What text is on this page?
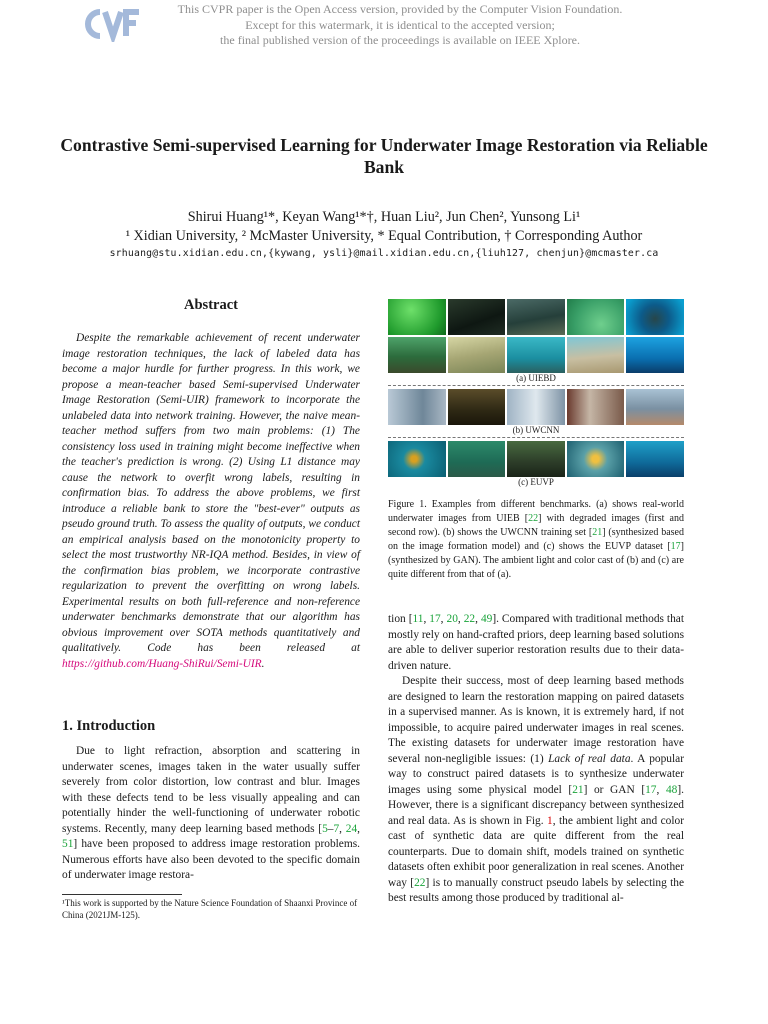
This CVPR paper is the Open Access version, provided by the Computer Vision Foundation.
Except for this watermark, it is identical to the accepted version;
the final published version of the proceedings is available on IEEE Xplore.
Contrastive Semi-supervised Learning for Underwater Image Restoration via Reliable Bank
Shirui Huang¹*, Keyan Wang¹*†, Huan Liu², Jun Chen², Yunsong Li¹
¹ Xidian University, ² McMaster University, * Equal Contribution, † Corresponding Author
srhuang@stu.xidian.edu.cn,{kywang, ysli}@mail.xidian.edu.cn,{liuh127, chenjun}@mcmaster.ca
Abstract

Despite the remarkable achievement of recent underwater image restoration techniques, the lack of labeled data has become a major hurdle for further progress. In this work, we propose a mean-teacher based Semi-supervised Underwater Image Restoration (Semi-UIR) framework to incorporate the unlabeled data into network training. However, the naive mean-teacher method suffers from two main problems: (1) The consistency loss used in training might become ineffective when the teacher's prediction is wrong. (2) Using L1 distance may cause the network to overfit wrong labels, resulting in confirmation bias. To address the above problems, we first introduce a reliable bank to store the "best-ever" outputs as pseudo ground truth. To assess the quality of outputs, we conduct an empirical analysis based on the monotonicity property to select the most trustworthy NR-IQA method. Besides, in view of the confirmation bias problem, we incorporate contrastive regularization to prevent the overfitting on wrong labels. Experimental results on both full-reference and non-reference underwater benchmarks demonstrate that our algorithm has obvious improvement over SOTA methods quantitatively and qualitatively. Code has been released at https://github.com/Huang-ShiRui/Semi-UIR.

1. Introduction

Due to light refraction, absorption and scattering in underwater scenes, images taken in the water usually suffer severely from color distortion, low contrast and blur. Images with these defects tend to be less visually appealing and can potentially hinder the well-functioning of underwater robotic systems. Recently, many deep learning based methods [5–7, 24, 51] have been proposed to address image restoration problems. Numerous efforts have also been devoted to the specific domain of underwater image restora-

¹This work is supported by the Nature Science Foundation of Shaanxi Province of China (2021JM-125).

(a) UIEBD

(b) UWCNN

(c) EUVP

Figure 1. Examples from different benchmarks. (a) shows real-world underwater images from UIEB [22] with degraded images (first and second row). (b) shows the UWCNN training set [21] (synthesized based on the image formation model) and (c) shows the EUVP dataset [17] (synthesized by GAN). The ambient light and color cast of (b) and (c) are quite different from that of (a).

tion [11, 17, 20, 22, 49]. Compared with traditional methods that mostly rely on hand-crafted priors, deep learning based solutions are able to deliver superior restoration results due to their data-driven nature.

Despite their success, most of deep learning based methods are designed to learn the restoration mapping on paired datasets in a supervised manner. As is known, it is extremely hard, if not impossible, to acquire paired underwater images in real scenes. The existing datasets for underwater image restoration have several non-negligible issues: (1) Lack of real data. A popular way to construct paired datasets is to synthesize underwater images using some physical model [21] or GAN [17, 48]. However, there is a significant discrepancy between synthesized and real data. As is shown in Fig. 1, the ambient light and color cast of synthetic data are quite different from the real counterparts. Due to domain shift, models trained on synthetic datasets often exhibit poor generalization in real scenes. Another way [22] is to manually construct pseudo labels by selecting the best results among those produced by traditional al-
